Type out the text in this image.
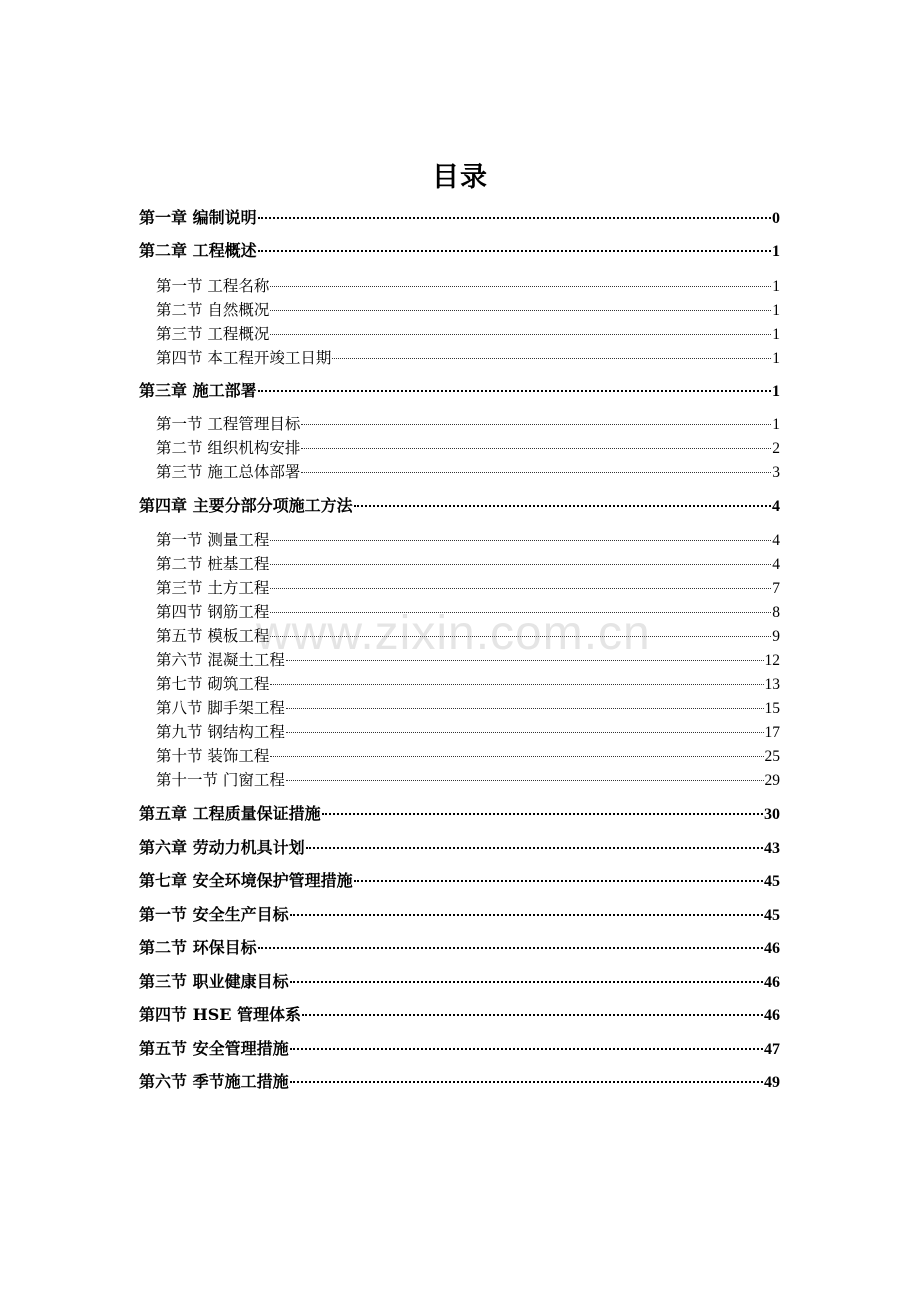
目录
第一章 编制说明	0
第二章 工程概述	1
第一节 工程名称	1
第二节 自然概况	1
第三节 工程概况	1
第四节 本工程开竣工日期	1
第三章 施工部署	1
第一节 工程管理目标	1
第二节 组织机构安排	2
第三节 施工总体部署	3
第四章 主要分部分项施工方法	4
第一节 测量工程	4
第二节 桩基工程	4
第三节 土方工程	7
第四节 钢筋工程	8
第五节 模板工程	9
第六节 混凝土工程	12
第七节 砌筑工程	13
第八节 脚手架工程	15
第九节 钢结构工程	17
第十节 装饰工程	25
第十一节 门窗工程	29
第五章 工程质量保证措施	30
第六章 劳动力机具计划	43
第七章 安全环境保护管理措施	45
第一节 安全生产目标	45
第二节 环保目标	46
第三节 职业健康目标	46
第四节 HSE 管理体系	46
第五节 安全管理措施	47
第六节 季节施工措施	49
www.zixin.com.cn
